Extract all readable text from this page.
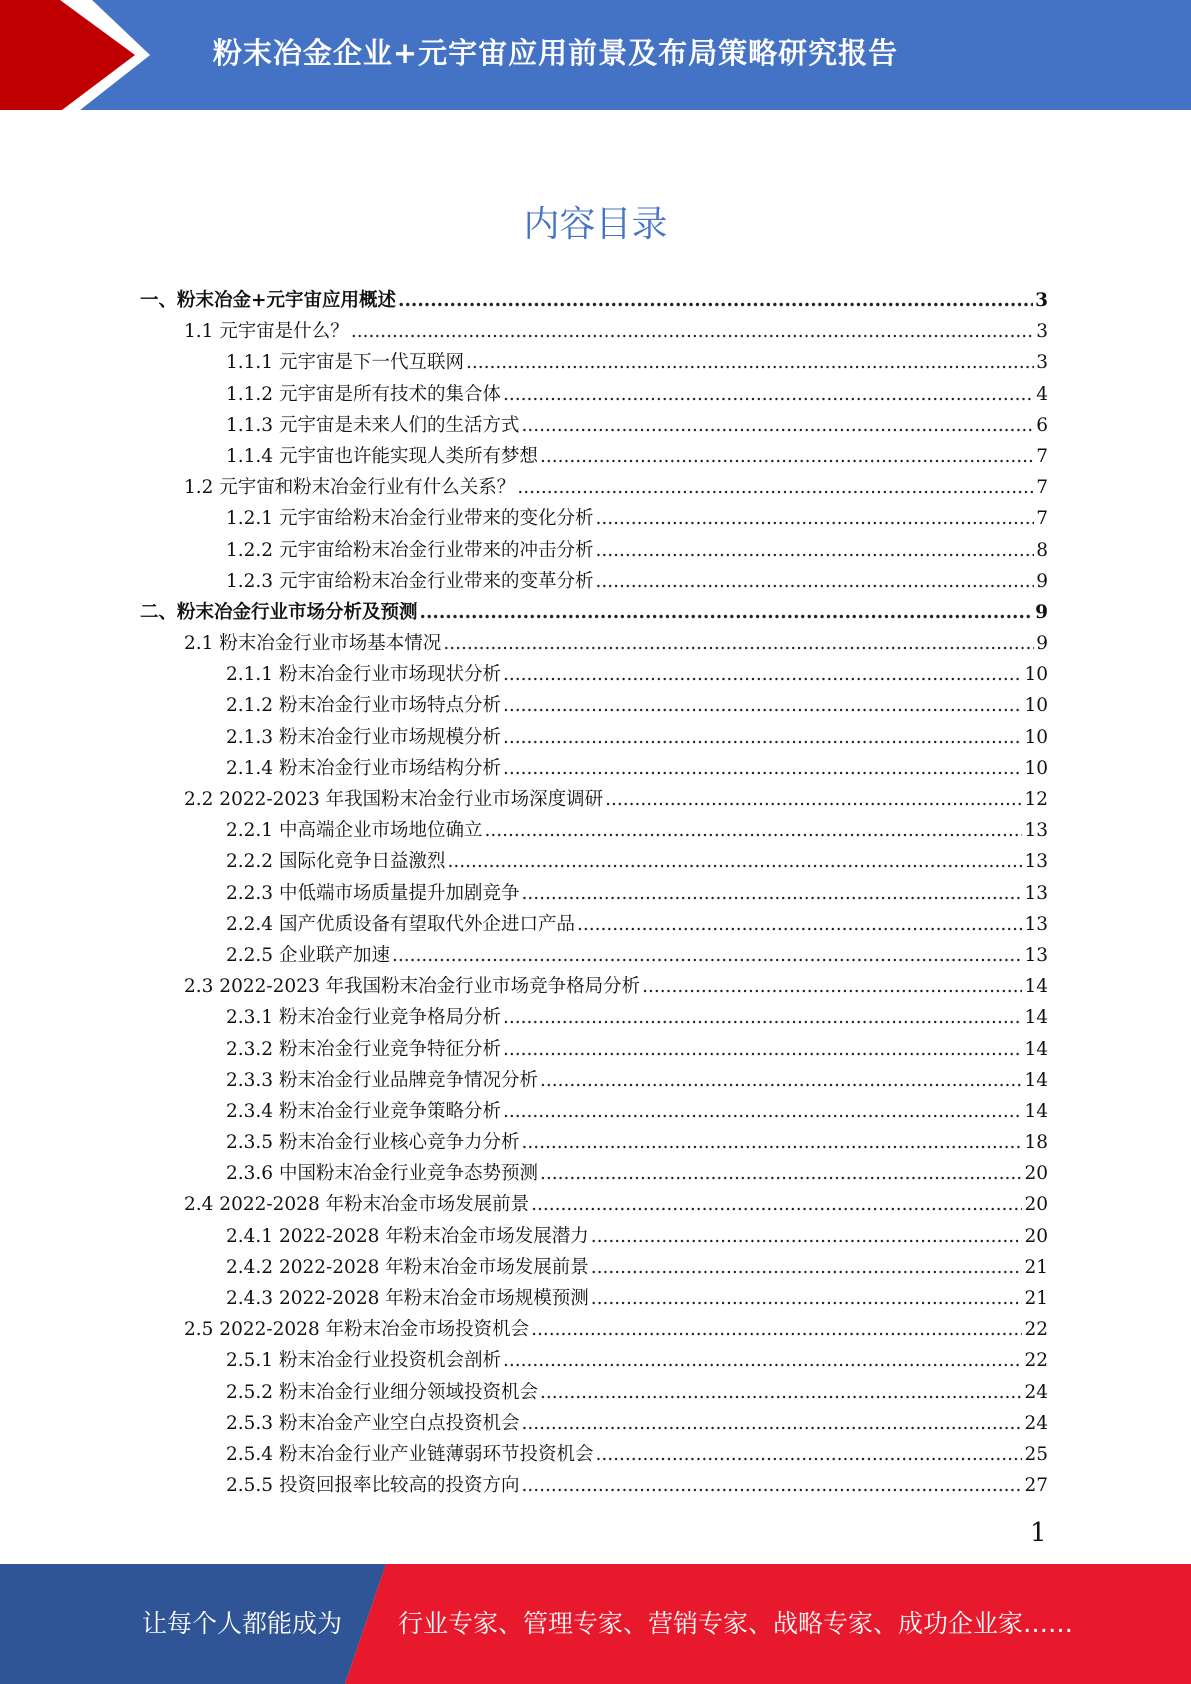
粉末冶金企业+元宇宙应用前景及布局策略研究报告
内容目录
一、粉末冶金+元宇宙应用概述 .....	3
1.1 元宇宙是什么？ .....	3
1.1.1 元宇宙是下一代互联网 .....	3
1.1.2 元宇宙是所有技术的集合体 .....	4
1.1.3 元宇宙是未来人们的生活方式 .....	6
1.1.4 元宇宙也许能实现人类所有梦想 .....	7
1.2 元宇宙和粉末冶金行业有什么关系？ .....	7
1.2.1 元宇宙给粉末冶金行业带来的变化分析 .....	7
1.2.2 元宇宙给粉末冶金行业带来的冲击分析 .....	8
1.2.3 元宇宙给粉末冶金行业带来的变革分析 .....	9
二、粉末冶金行业市场分析及预测 .....	9
2.1 粉末冶金行业市场基本情况 .....	9
2.1.1 粉末冶金行业市场现状分析 .....	10
2.1.2 粉末冶金行业市场特点分析 .....	10
2.1.3 粉末冶金行业市场规模分析 .....	10
2.1.4 粉末冶金行业市场结构分析 .....	10
2.2 2022-2023 年我国粉末冶金行业市场深度调研 .....	12
2.2.1 中高端企业市场地位确立 .....	13
2.2.2 国际化竞争日益激烈 .....	13
2.2.3 中低端市场质量提升加剧竞争 .....	13
2.2.4 国产优质设备有望取代外企进口产品 .....	13
2.2.5 企业联产加速 .....	13
2.3 2022-2023 年我国粉末冶金行业市场竞争格局分析 .....	14
2.3.1 粉末冶金行业竞争格局分析 .....	14
2.3.2 粉末冶金行业竞争特征分析 .....	14
2.3.3 粉末冶金行业品牌竞争情况分析 .....	14
2.3.4 粉末冶金行业竞争策略分析 .....	14
2.3.5 粉末冶金行业核心竞争力分析 .....	18
2.3.6 中国粉末冶金行业竞争态势预测 .....	20
2.4 2022-2028 年粉末冶金市场发展前景 .....	20
2.4.1 2022-2028 年粉末冶金市场发展潜力 .....	20
2.4.2 2022-2028 年粉末冶金市场发展前景 .....	21
2.4.3 2022-2028 年粉末冶金市场规模预测 .....	21
2.5 2022-2028 年粉末冶金市场投资机会 .....	22
2.5.1 粉末冶金行业投资机会剖析 .....	22
2.5.2 粉末冶金行业细分领域投资机会 .....	24
2.5.3 粉末冶金产业空白点投资机会 .....	24
2.5.4 粉末冶金行业产业链薄弱环节投资机会 .....	25
2.5.5 投资回报率比较高的投资方向 .....	27
1
让每个人都能成为 行业专家、管理专家、营销专家、战略专家、成功企业家……
